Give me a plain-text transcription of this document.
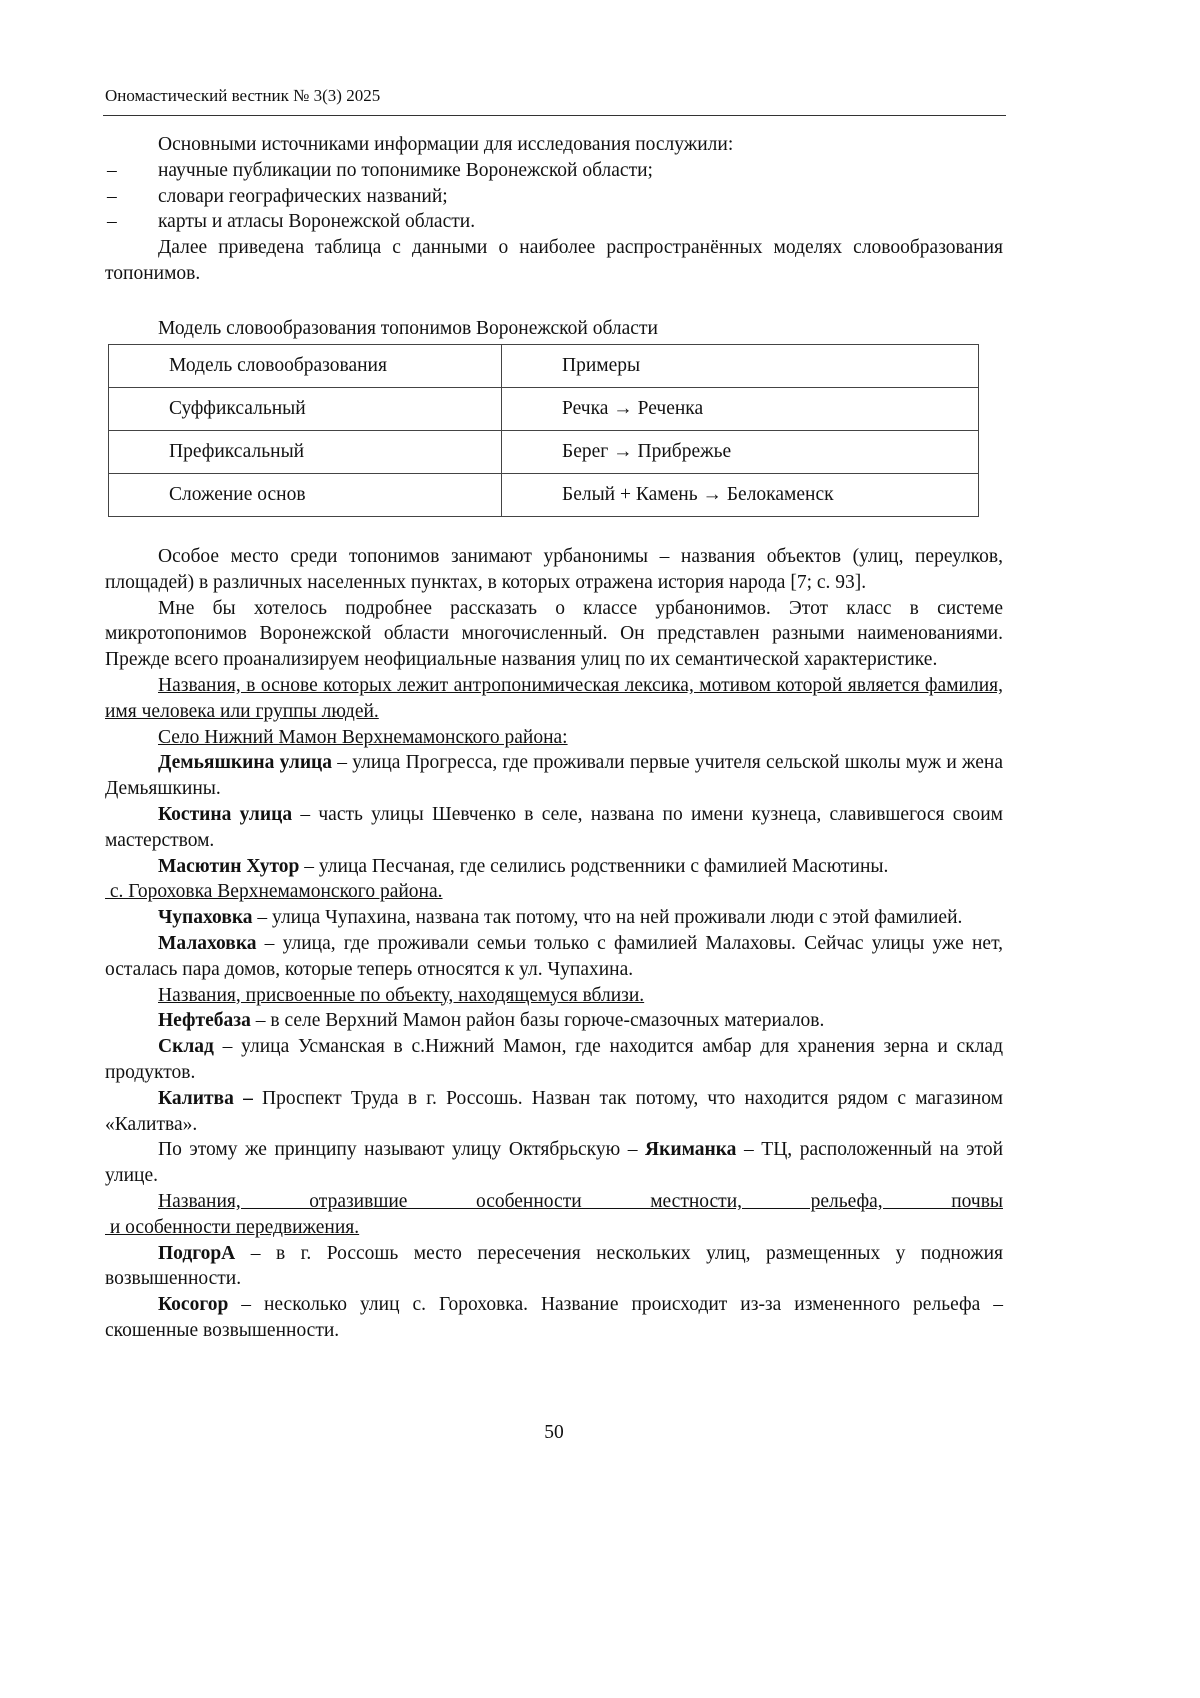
Ономастический вестник № 3(3) 2025

Основными источниками информации для исследования послужили:

–	научные публикации по топонимике Воронежской области;
–	словари географических названий;
–	карты и атласы Воронежской области.

Далее приведена таблица с данными о наиболее распространённых моделях словообразования топонимов.

Модель словообразования топонимов Воронежской области
Модель словообразования	Примеры
Суффиксальный	Речка → Реченка
Префиксальный	Берег → Прибрежье
Сложение основ	Белый + Камень → Белокаменск

Особое место среди топонимов занимают урбанонимы – названия объектов (улиц, переулков, площадей) в различных населенных пунктах, в которых отражена история народа [7; с. 93].

Мне бы хотелось подробнее рассказать о классе урбанонимов. Этот класс в системе микротопонимов Воронежской области многочисленный. Он представлен разными наименованиями. Прежде всего проанализируем неофициальные названия улиц по их семантической характеристике.

Названия, в основе которых лежит антропонимическая лексика, мотивом которой является фамилия, имя человека или группы людей.

Село Нижний Мамон Верхнемамонского района:

Демьяшкина улица – улица Прогресса, где проживали первые учителя сельской школы муж и жена Демьяшкины.

Костина улица – часть улицы Шевченко в селе, названа по имени кузнеца, славившегося своим мастерством.

Масютин Хутор – улица Песчаная, где селились родственники с фамилией Масютины.

с. Гороховка Верхнемамонского района.

Чупаховка – улица Чупахина, названа так потому, что на ней проживали люди с этой фамилией.

Малаховка – улица, где проживали семьи только с фамилией Малаховы. Сейчас улицы уже нет, осталась пара домов, которые теперь относятся к ул. Чупахина.

Названия, присвоенные по объекту, находящемуся вблизи.

Нефтебаза – в селе Верхний Мамон район базы горюче-смазочных материалов.

Склад – улица Усманская в с.Нижний Мамон, где находится амбар для хранения зерна и склад продуктов.

Калитва – Проспект Труда в г. Россошь. Назван так потому, что находится рядом с магазином «Калитва».

По этому же принципу называют улицу Октябрьскую – Якиманка – ТЦ, расположенный на этой улице.

Названия, отразившие особенности местности, рельефа, почвы

и особенности передвижения.

ПодгорА – в г. Россошь место пересечения нескольких улиц, размещенных у подножия возвышенности.

Косогор – несколько улиц с. Гороховка. Название происходит из-за измененного рельефа – скошенные возвышенности.

50
